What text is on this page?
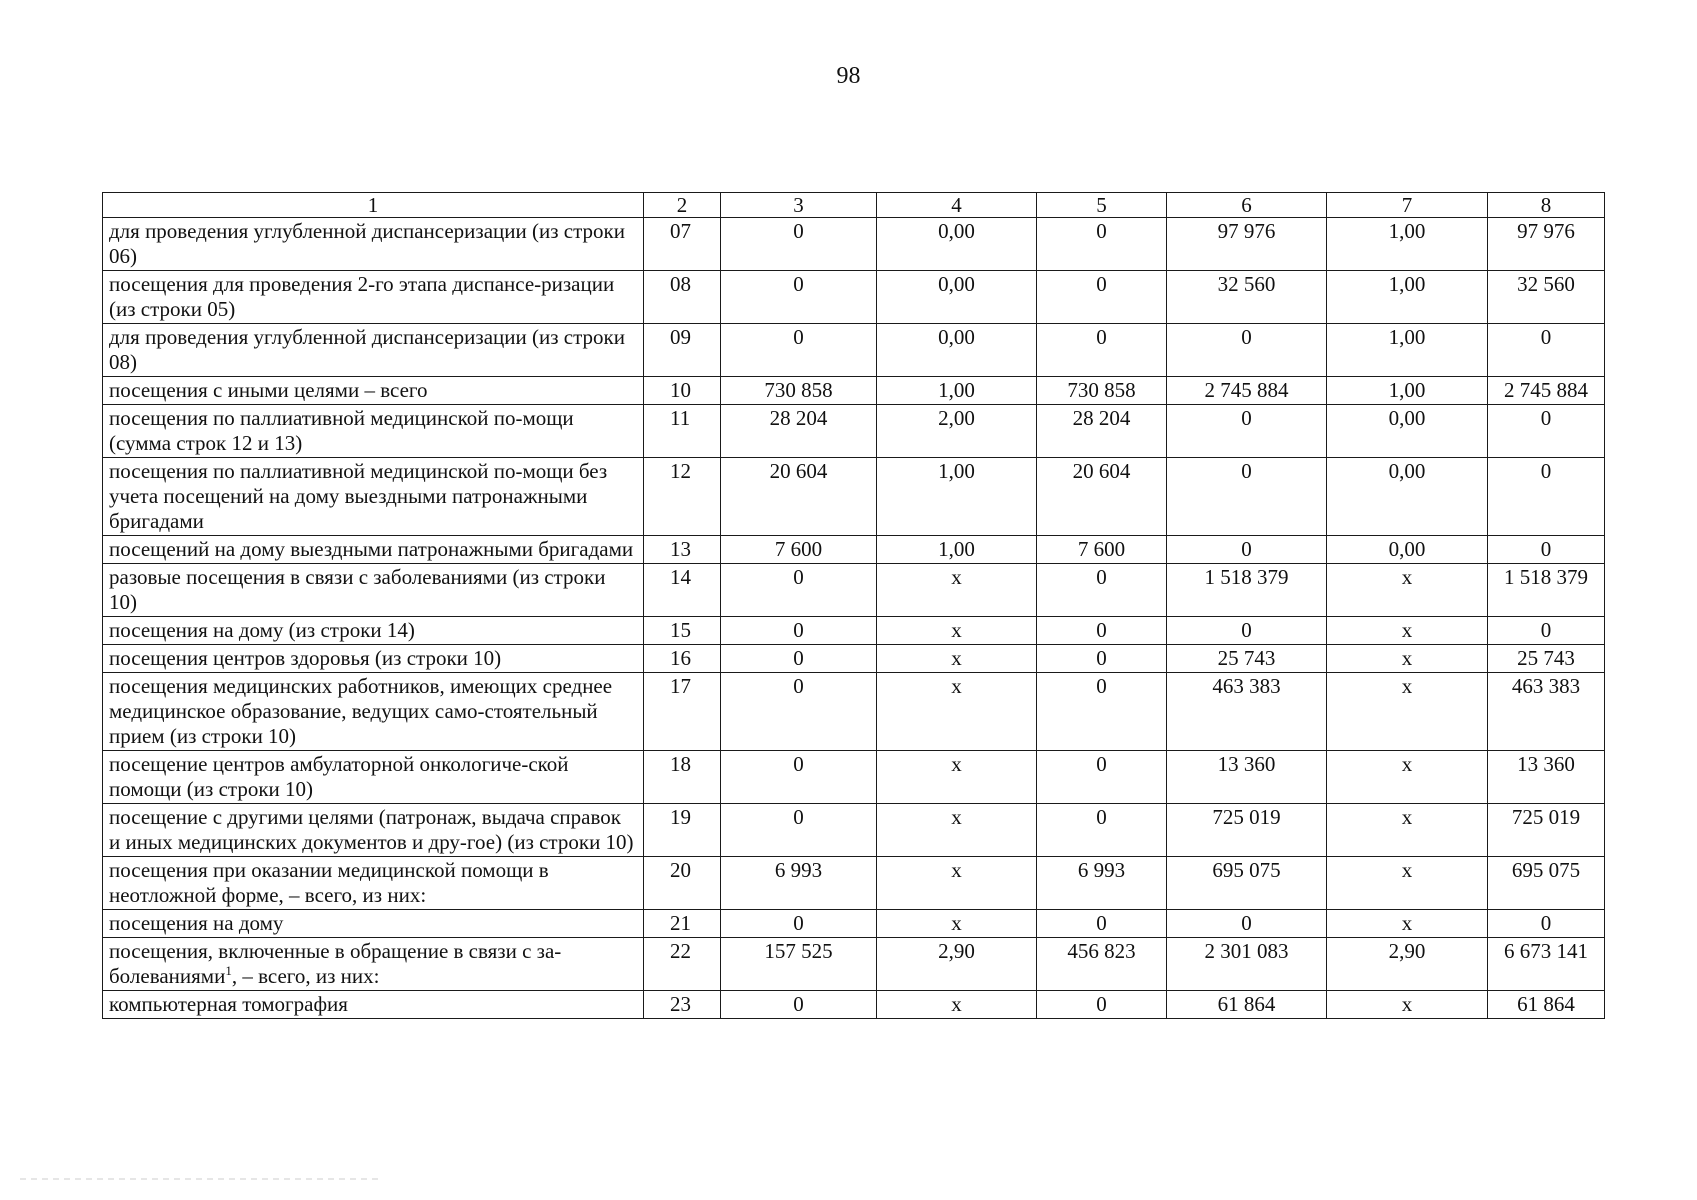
98
1	2	3	4	5	6	7	8
для проведения углубленной диспансеризации (из строки 06)	07	0	0,00	0	97 976	1,00	97 976
посещения для проведения 2-го этапа диспансе-ризации (из строки 05)	08	0	0,00	0	32 560	1,00	32 560
для проведения углубленной диспансеризации (из строки 08)	09	0	0,00	0	0	1,00	0
посещения с иными целями – всего	10	730 858	1,00	730 858	2 745 884	1,00	2 745 884
посещения по паллиативной медицинской по-мощи (сумма строк 12 и 13)	11	28 204	2,00	28 204	0	0,00	0
посещения по паллиативной медицинской по-мощи без учета посещений на дому выездными патронажными бригадами	12	20 604	1,00	20 604	0	0,00	0
посещений на дому выездными патронажными бригадами	13	7 600	1,00	7 600	0	0,00	0
разовые посещения в связи с заболеваниями (из строки 10)	14	0	х	0	1 518 379	х	1 518 379
посещения на дому (из строки 14)	15	0	х	0	0	х	0
посещения центров здоровья (из строки 10)	16	0	х	0	25 743	х	25 743
посещения медицинских работников, имеющих среднее медицинское образование, ведущих само-стоятельный прием (из строки 10)	17	0	х	0	463 383	х	463 383
посещение центров амбулаторной онкологиче-ской помощи (из строки 10)	18	0	х	0	13 360	х	13 360
посещение с другими целями (патронаж, выдача справок и иных медицинских документов и дру-гое) (из строки 10)	19	0	х	0	725 019	х	725 019
посещения при оказании медицинской помощи в неотложной форме, – всего, из них:	20	6 993	х	6 993	695 075	х	695 075
посещения на дому	21	0	х	0	0	х	0
посещения, включенные в обращение в связи с за-болеваниями$^1$, – всего, из них:	22	157 525	2,90	456 823	2 301 083	2,90	6 673 141
компьютерная томография	23	0	х	0	61 864	х	61 864
